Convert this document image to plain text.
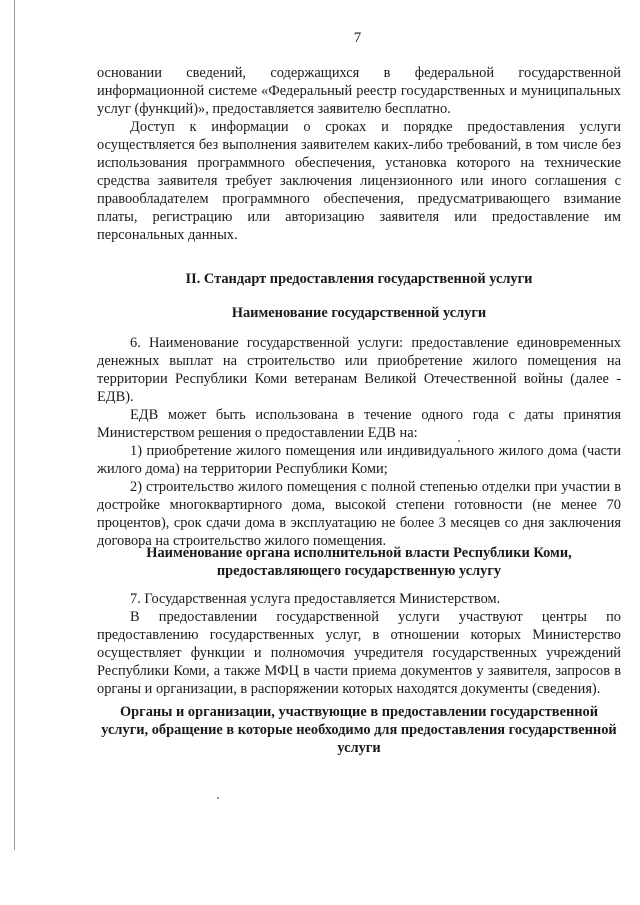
7

основании сведений, содержащихся в федеральной государственной информационной системе «Федеральный реестр государственных и муниципальных услуг (функций)», предоставляется заявителю бесплатно.

Доступ к информации о сроках и порядке предоставления услуги осуществляется без выполнения заявителем каких-либо требований, в том числе без использования программного обеспечения, установка которого на технические средства заявителя требует заключения лицензионного или иного соглашения с правообладателем программного обеспечения, предусматривающего взимание платы, регистрацию или авторизацию заявителя или предоставление им персональных данных.

II. Стандарт предоставления государственной услуги

Наименование государственной услуги

6. Наименование государственной услуги: предоставление единовременных денежных выплат на строительство или приобретение жилого помещения на территории Республики Коми ветеранам Великой Отечественной войны (далее - ЕДВ).

ЕДВ может быть использована в течение одного года с даты принятия Министерством решения о предоставлении ЕДВ на:

1) приобретение жилого помещения или индивидуального жилого дома (части жилого дома) на территории Республики Коми;

2) строительство жилого помещения с полной степенью отделки при участии в достройке многоквартирного дома, высокой степени готовности (не менее 70 процентов), срок сдачи дома в эксплуатацию не более 3 месяцев со дня заключения договора на строительство жилого помещения.

Наименование органа исполнительной власти Республики Коми,
предоставляющего государственную услугу

7. Государственная услуга предоставляется Министерством.

В предоставлении государственной услуги участвуют центры по предоставлению государственных услуг, в отношении которых Министерство осуществляет функции и полномочия учредителя государственных учреждений Республики Коми, а также МФЦ в части приема документов у заявителя, запросов в органы и организации, в распоряжении которых находятся документы (сведения).

Органы и организации, участвующие в предоставлении государственной
услуги, обращение в которые необходимо для предоставления государственной
услуги
